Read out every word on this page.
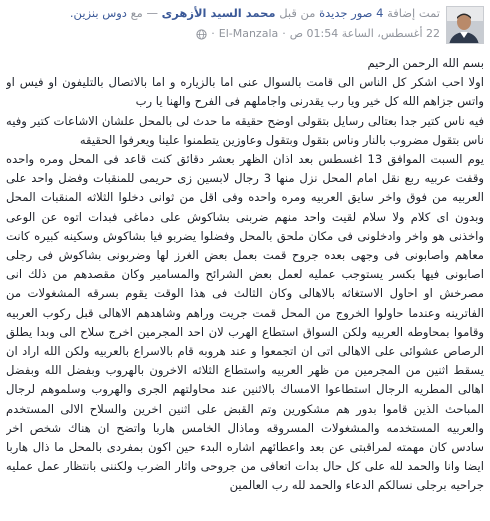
تمت إضافة 4 صور جديدة من قبل محمد السيد الأزهرى — مع دوس بنزين.
22 أغسطس، الساعة 01:54 ص
·
El-Manzala
·

بسم الله الرحمن الرحيم

اولا احب اشكر كل الناس الى قامت بالسوال عنى اما بالزياره و اما بالاتصال بالتليفون او فيس او واتس جزاهم الله كل خير ويا رب يقدرنى واجاملهم فى الفرح والهنا يا رب

فيه ناس كتير جدا بعتالى رسايل بتقولى اوضح حقيقه ما حدث لى بالمحل علشان الاشاعات كتير وفيه ناس بتقول مضروب بالنار وناس بتقول وبتقول وعاوزين يتطمنوا علينا ويعرفوا الحقيقه

يوم السبت الموافق 13 اغسطس بعد اذان الظهر بعشر دقائق كنت قاعد فى المحل ومره واحده وقفت عربيه ربع نقل امام المحل نزل منها 3 رجال لابسين زى حريمى للمنقبات وفضل واحد على العربيه من فوق واخر سايق العربيه ومره واحده وفى اقل من ثوانى دخلوا الثلاثه المنقبات المحل وبدون اى كلام ولا سلام لقيت واحد منهم ضربنى بشاكوش على دماغى فبدات اتوه عن الوعى واخذنى هو واخر وادخلونى فى مكان ملحق بالمحل وفضلوا يضربو فيا بشاكوش وسكينه كبيره كانت معاهم واصابونى فى وجهى بعده جروح قمت بعمل بعض الغرز لها وضربونى بشاكوش فى رجلى اصابونى فيها بكسر يستوجب عمليه لعمل بعض الشرائح والمسامير وكان مقصدهم من ذلك انى مصرخش او احاول الاستغاثه بالاهالى وكان الثالث فى هذا الوقت يقوم بسرقه المشغولات من الفاترينه وعندما حاولوا الخروج من المحل قمت جريت وراهم وشاهدهم الاهالى قبل ركوب العربيه وقاموا بمحاوطه العربيه ولكن السواق استطاع الهرب لان احد المجرمين اخرج سلاح الى وبدا يطلق الرصاص عشوائى على الاهالى اتى ان اتجمعوا و عند هروبه قام بالاسراع بالعربيه ولكن الله اراد ان يسقط اثنين من المجرمين من ظهر العربيه واستطاع الثلاثه الاخرون بالهروب وبفضل الله وبفضل اهالى المطريه الرجال استطاعوا الامساك بالاثنين عند محاولتهم الجرى والهروب وسلموهم لرجال المباحث الذين قاموا بدور هم مشكورين وتم القبض على اثنين اخرين والسلاح الالى المستخدم والعربيه المستخدمه والمشغولات المسروقه وماذال الخامس هاربا واتضح ان هناك شخص اخر سادس كان مهمته لمراقبتى عن بعد واعطائهم اشاره البدء حين اكون بمفردى بالمحل ما ذال هاربا ايضا وانا والحمد لله على كل حال بدات اتعافى من جروحى واثار الضرب ولكننى بانتظار عمل عمليه جراحيه برجلى نسالكم الدعاء والحمد لله رب العالمين
